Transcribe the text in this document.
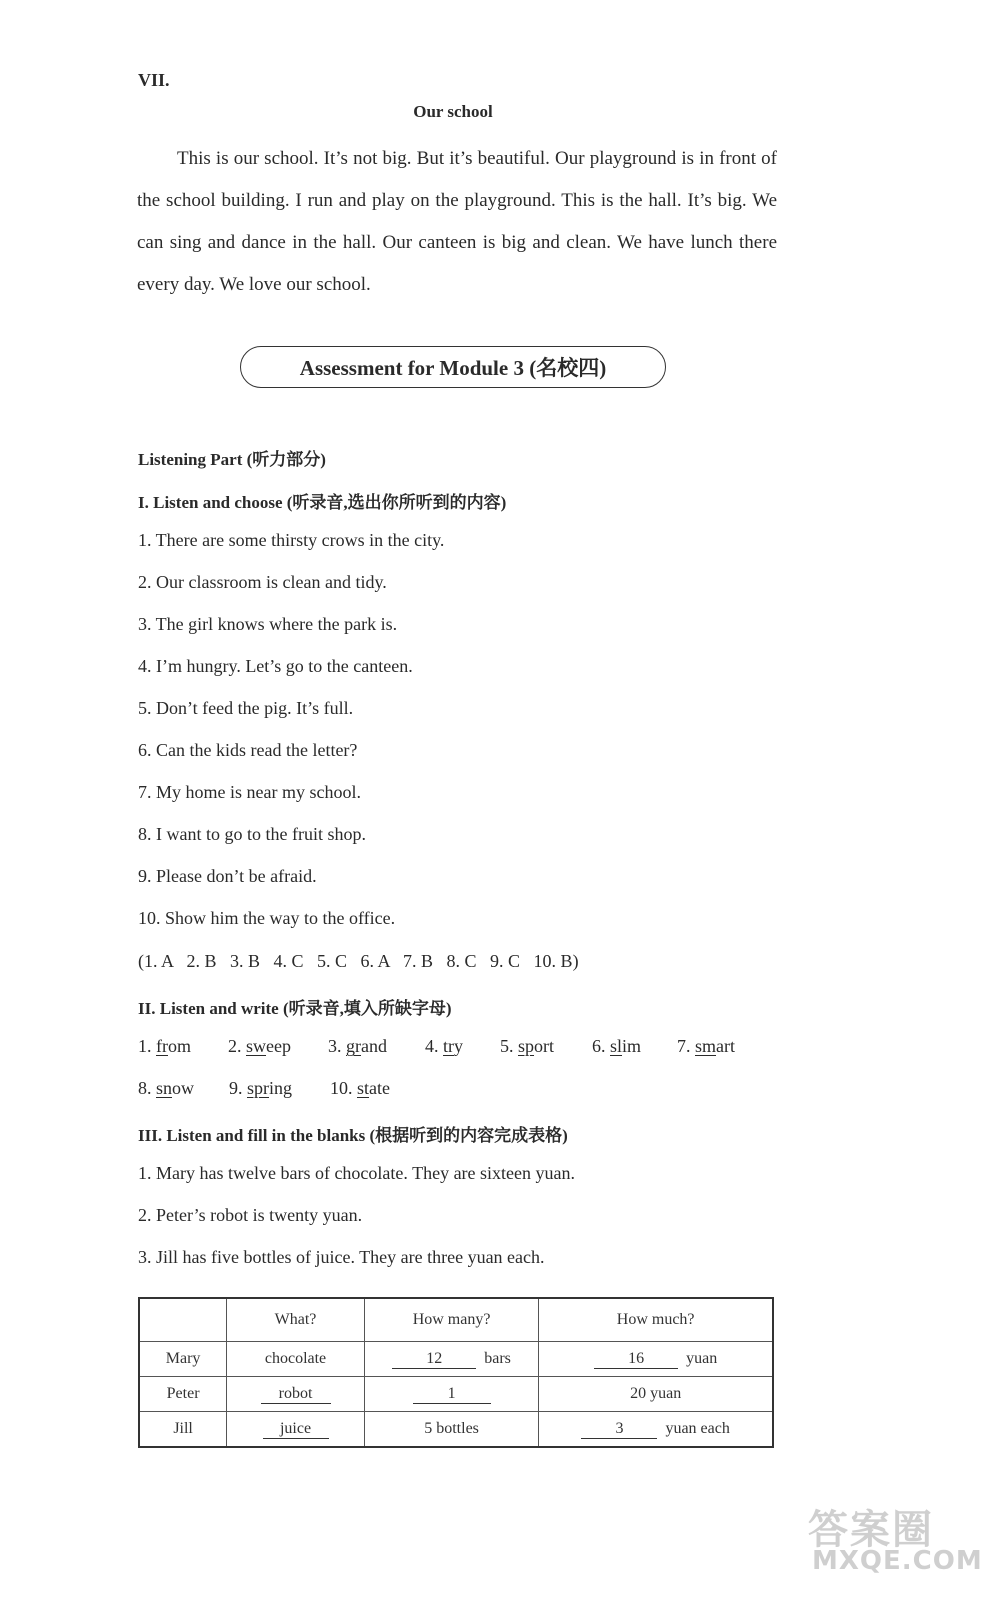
VII.
Our school
This is our school. It’s not big. But it’s beautiful. Our playground is in front of the school building. I run and play on the playground. This is the hall. It’s big. We can sing and dance in the hall. Our canteen is big and clean. We have lunch there every day. We love our school.
Assessment for Module 3 (名校四)
Listening Part (听力部分)
I. Listen and choose (听录音,选出你所听到的内容)
1. There are some thirsty crows in the city.
2. Our classroom is clean and tidy.
3. The girl knows where the park is.
4. I’m hungry. Let’s go to the canteen.
5. Don’t feed the pig. It’s full.
6. Can the kids read the letter?
7. My home is near my school.
8. I want to go to the fruit shop.
9. Please don’t be afraid.
10. Show him the way to the office.
(1. A   2. B   3. B   4. C   5. C   6. A   7. B   8. C   9. C   10. B)
II. Listen and write (听录音,填入所缺字母)
1. from 2. sweep 3. grand 4. try 5. sport 6. slim 7. smart
8. snow 9. spring 10. state
III. Listen and fill in the blanks (根据听到的内容完成表格)
1. Mary has twelve bars of chocolate. They are sixteen yuan.
2. Peter’s robot is twenty yuan.
3. Jill has five bottles of juice. They are three yuan each.
	What?	How many?	How much?
Mary	chocolate	12 bars	16 yuan
Peter	robot	1	20 yuan
Jill	juice	5 bottles	3 yuan each
答案圈
MXQE.COM
